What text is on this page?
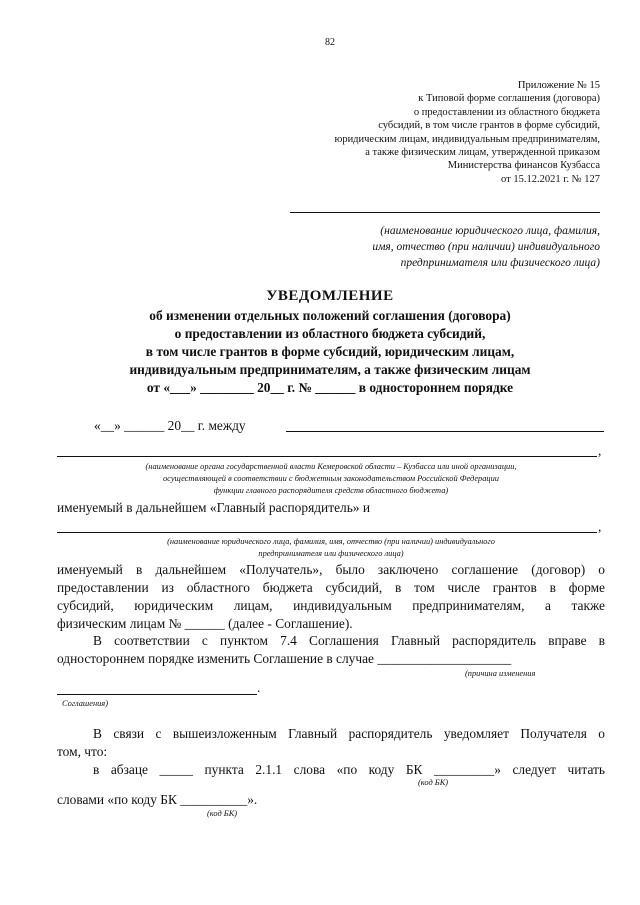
82
Приложение № 15
к Типовой форме соглашения (договора)
о предоставлении из областного бюджета
субсидий, в том числе грантов в форме субсидий,
юридическим лицам, индивидуальным предпринимателям,
а также физическим лицам, утвержденной приказом
Министерства финансов Кузбасса
от 15.12.2021 г. № 127
(наименование юридического лица, фамилия,
имя, отчество (при наличии) индивидуального
предпринимателя или физического лица)
УВЕДОМЛЕНИЕ
об изменении отдельных положений соглашения (договора)
о предоставлении из областного бюджета субсидий,
в том числе грантов в форме субсидий, юридическим лицам,
индивидуальным предпринимателям, а также физическим лицам
от «___» ________ 20__ г. № ______ в одностороннем порядке
«__» ______ 20__ г. между
,
(наименование органа государственной власти Кемеровской области – Кузбасса или иной организации,
осуществляющей в соответствии с бюджетным законодательством Российской Федерации
функции главного распорядителя средств областного бюджета)
именуемый в дальнейшем «Главный распорядитель» и
,
(наименование юридического лица, фамилия, имя, отчество (при наличии) индивидуального
предпринимателя или физического лица)
именуемый в дальнейшем «Получатель», было заключено соглашение (договор) о
предоставлении из областного бюджета субсидий, в том числе грантов в форме
субсидий, юридическим лицам, индивидуальным предпринимателям, а также
физическим лицам № ______ (далее - Соглашение).
В соответствии с пунктом 7.4 Соглашения Главный распорядитель вправе в
одностороннем порядке изменить Соглашение в случае ____________________
(причина изменения
.
Соглашения)
В связи с вышеизложенным Главный распорядитель уведомляет Получателя о
том, что:
в абзаце _____ пункта 2.1.1 слова «по коду БК _________» следует читать
(код БК)
словами «по коду БК __________».
(код БК)
